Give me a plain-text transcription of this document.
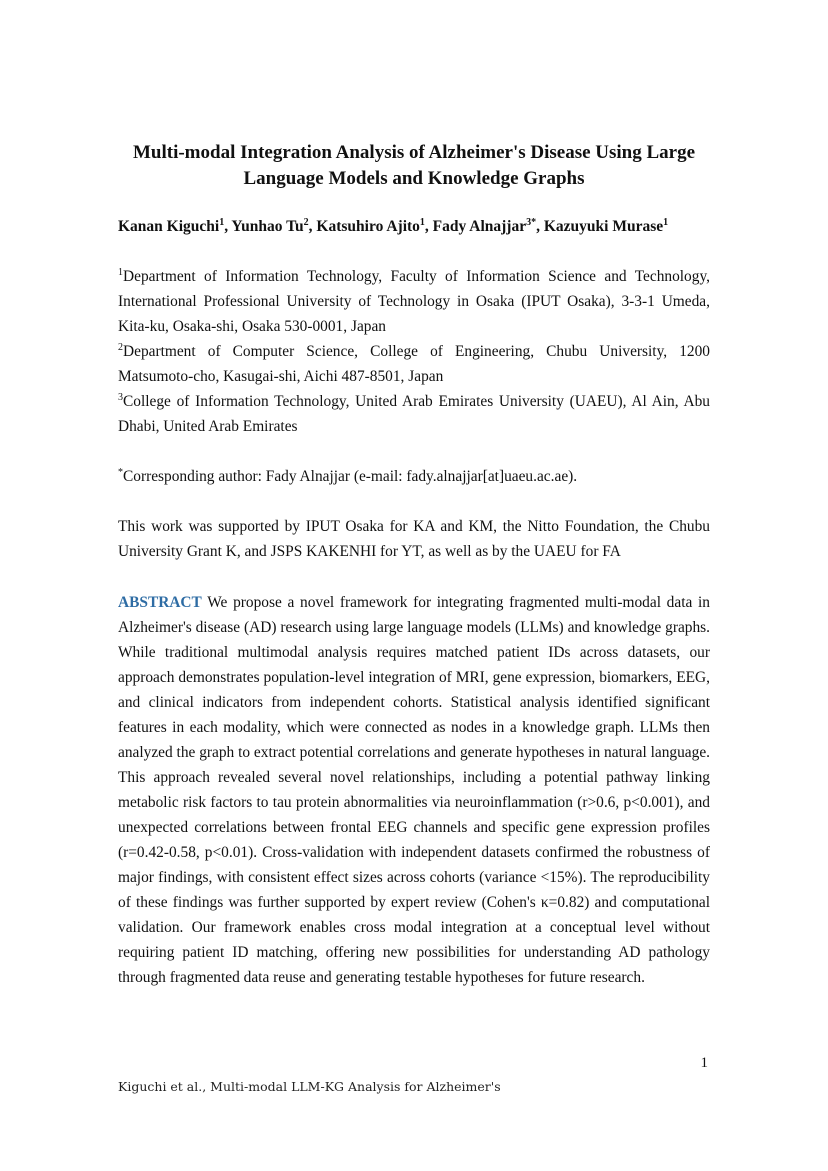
Multi-modal Integration Analysis of Alzheimer's Disease Using Large Language Models and Knowledge Graphs
Kanan Kiguchi$^1$, Yunhao Tu$^2$, Katsuhiro Ajito$^1$, Fady Alnajjar$^{3*}$, Kazuyuki Murase$^1$

$^1$Department of Information Technology, Faculty of Information Science and Technology, International Professional University of Technology in Osaka (IPUT Osaka), 3-3-1 Umeda, Kita-ku, Osaka-shi, Osaka 530-0001, Japan

$^2$Department of Computer Science, College of Engineering, Chubu University, 1200 Matsumoto-cho, Kasugai-shi, Aichi 487-8501, Japan

$^3$College of Information Technology, United Arab Emirates University (UAEU), Al Ain, Abu Dhabi, United Arab Emirates

*Corresponding author: Fady Alnajjar (e-mail: fady.alnajjar[at]uaeu.ac.ae).
This work was supported by IPUT Osaka for KA and KM, the Nitto Foundation, the Chubu University Grant K, and JSPS KAKENHI for YT, as well as by the UAEU for FA
ABSTRACT We propose a novel framework for integrating fragmented multi-modal data in Alzheimer's disease (AD) research using large language models (LLMs) and knowledge graphs. While traditional multimodal analysis requires matched patient IDs across datasets, our approach demonstrates population-level integration of MRI, gene expression, biomarkers, EEG, and clinical indicators from independent cohorts. Statistical analysis identified significant features in each modality, which were connected as nodes in a knowledge graph. LLMs then analyzed the graph to extract potential correlations and generate hypotheses in natural language. This approach revealed several novel relationships, including a potential pathway linking metabolic risk factors to tau protein abnormalities via neuroinflammation (r>0.6, p<0.001), and unexpected correlations between frontal EEG channels and specific gene expression profiles (r=0.42-0.58, p<0.01). Cross-validation with independent datasets confirmed the robustness of major findings, with consistent effect sizes across cohorts (variance <15%). The reproducibility of these findings was further supported by expert review (Cohen's κ=0.82) and computational validation. Our framework enables cross modal integration at a conceptual level without requiring patient ID matching, offering new possibilities for understanding AD pathology through fragmented data reuse and generating testable hypotheses for future research.
1
Kiguchi et al., Multi-modal LLM-KG Analysis for Alzheimer's
